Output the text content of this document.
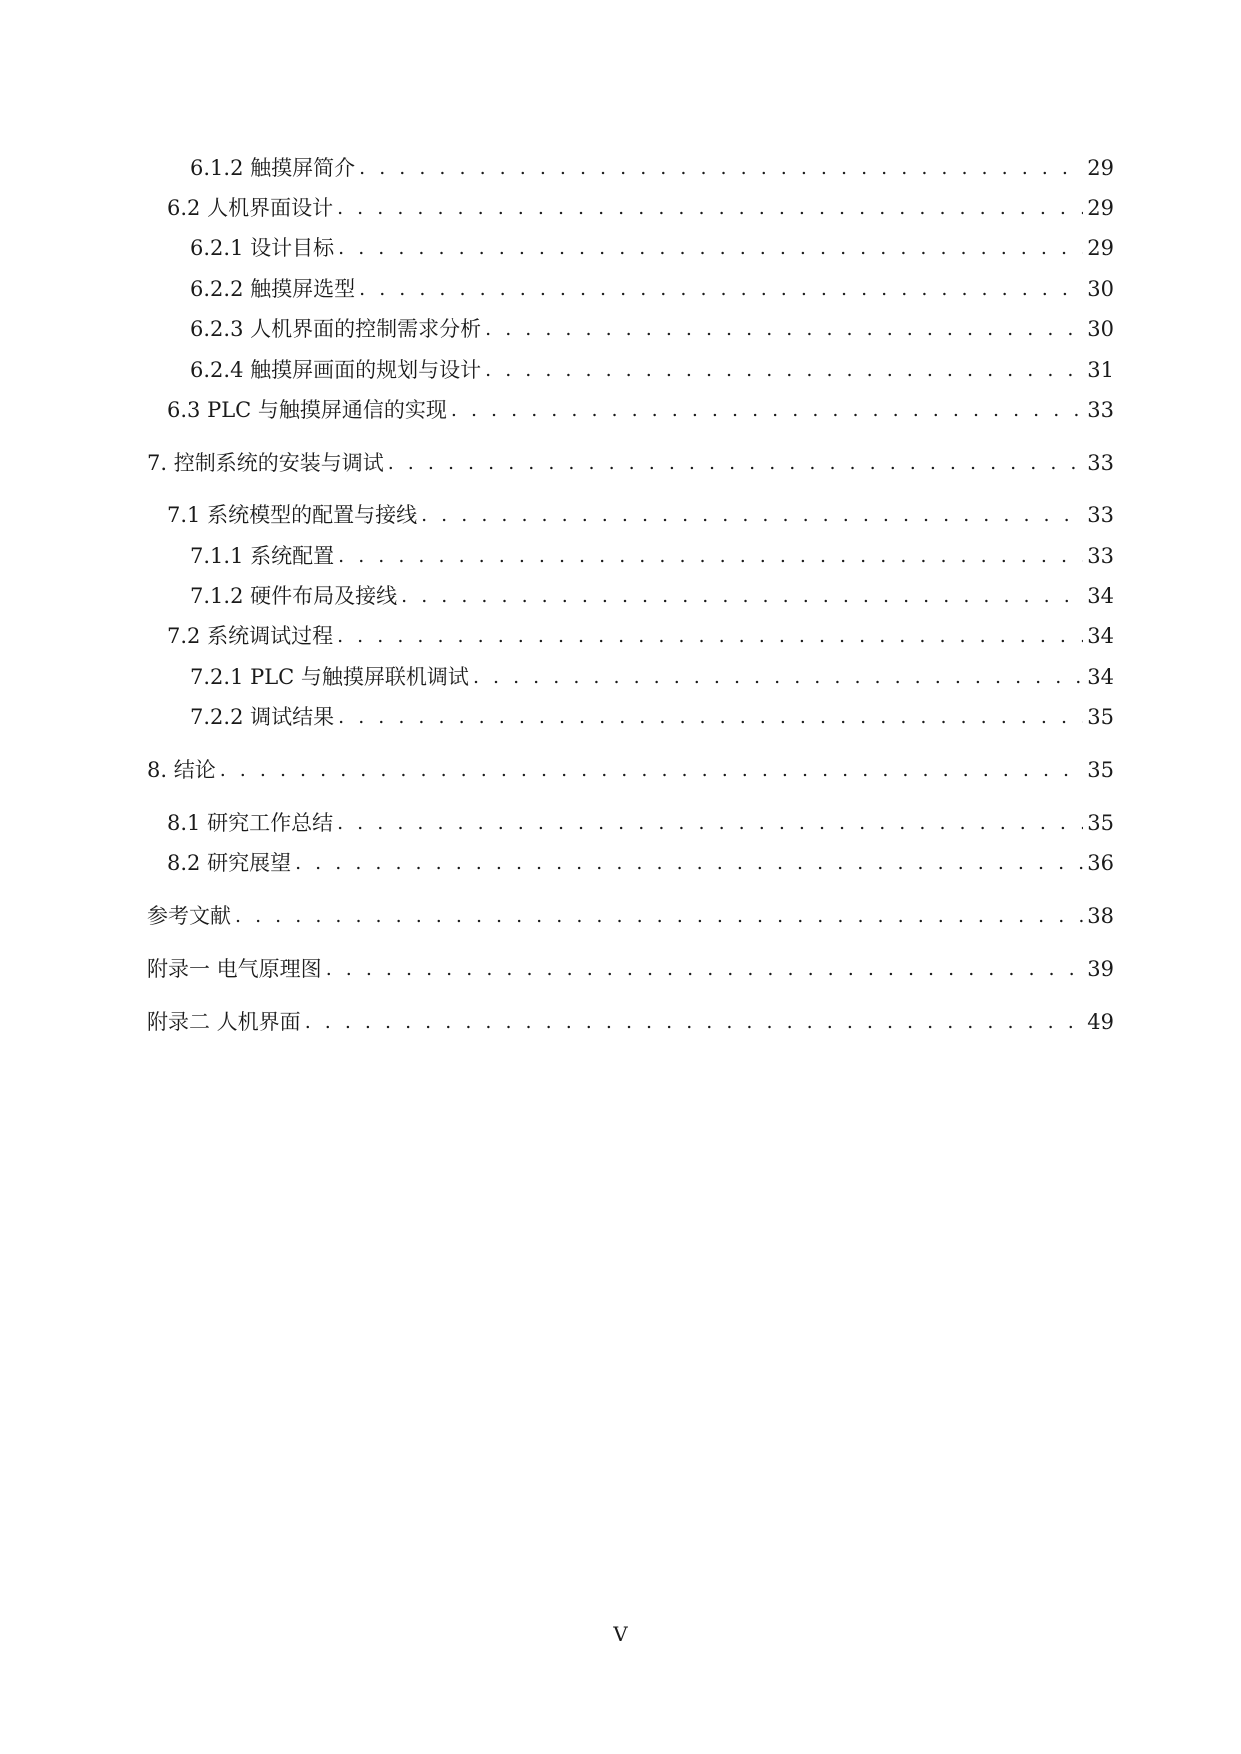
6.1.2 触摸屏简介 . . .	29
6.2 人机界面设计 . . .	29
6.2.1 设计目标 . . .	29
6.2.2 触摸屏选型 . . .	30
6.2.3 人机界面的控制需求分析 . . .	30
6.2.4 触摸屏画面的规划与设计 . . .	31
6.3 PLC 与触摸屏通信的实现 . . .	33
7. 控制系统的安装与调试 . . .	33
7.1 系统模型的配置与接线 . . .	33
7.1.1 系统配置 . . .	33
7.1.2 硬件布局及接线 . . .	34
7.2 系统调试过程 . . .	34
7.2.1 PLC 与触摸屏联机调试 . . .	34
7.2.2 调试结果 . . .	35
8. 结论 . . .	35
8.1 研究工作总结 . . .	35
8.2 研究展望 . . .	36
参考文献 . . .	38
附录一 电气原理图 . . .	39
附录二 人机界面 . . .	49
V
